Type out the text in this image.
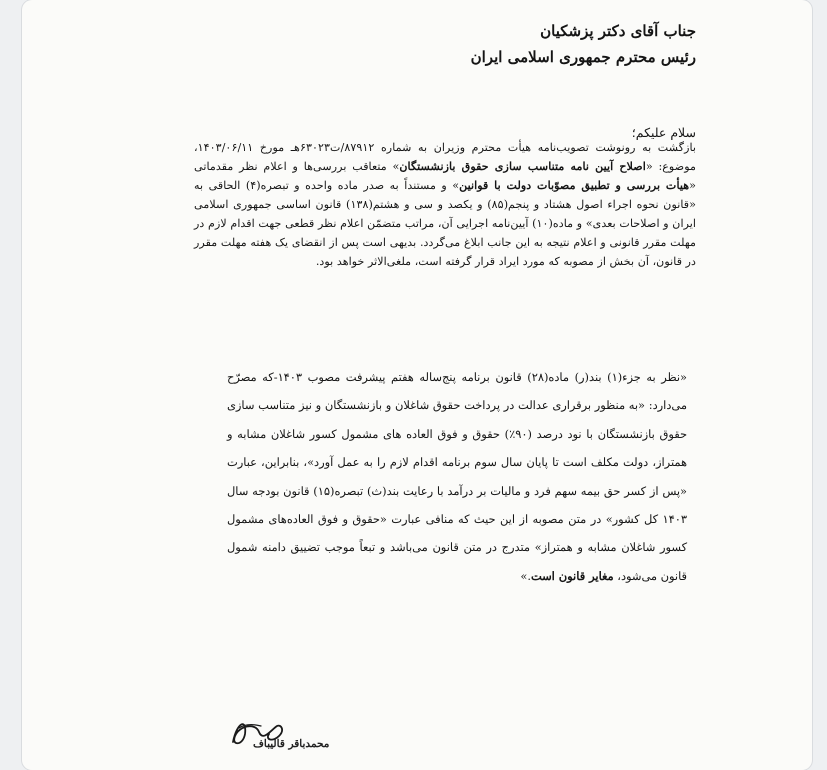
جناب آقای دکتر پزشکیان
رئیس محترم جمهوری اسلامی ایران
سلام علیکم؛
بازگشت به رونوشت تصویب‌نامه هیأت محترم وزیران به شماره ۸۷۹۱۲/ت۶۳۰۲۳هـ مورخ ۱۴۰۳/۰۶/۱۱، موضوع: «اصلاح آیین نامه متناسب سازی حقوق بازنشستگان» متعاقب بررسی‌ها و اعلام نظر مقدماتی «هیأت بررسی و تطبیق مصوّبات دولت با قوانین» و مستنداً به صدر ماده واحده و تبصره(۴) الحاقی به «قانون نحوه اجراء اصول هشتاد و پنجم(۸۵) و یکصد و سی و هشتم(۱۳۸) قانون اساسی جمهوری اسلامی ایران و اصلاحات بعدی» و ماده(۱۰) آیین‌نامه اجرایی آن، مراتب متضمّن اعلام نظر قطعی جهت اقدام لازم در مهلت مقرر قانونی و اعلام نتیجه به این جانب ابلاغ می‌گردد. بدیهی است پس از انقضای یک هفته مهلت مقرر در قانون، آن بخش از مصوبه که مورد ایراد قرار گرفته است، ملغی‌الاثر خواهد بود.
«نظر به جزء(۱) بند(ر) ماده(۲۸) قانون برنامه پنج‌ساله هفتم پیشرفت مصوب ۱۴۰۳-که مصرّح می‌دارد: «به منظور برقراری عدالت در پرداخت حقوق شاغلان و بازنشستگان و نیز متناسب سازی حقوق بازنشستگان با نود درصد (۹۰٪) حقوق و فوق العاده های مشمول کسور شاغلان مشابه و همتراز، دولت مکلف است تا پایان سال سوم برنامه اقدام لازم را به عمل آورد»، بنابراین، عبارت «پس از کسر حق بیمه سهم فرد و مالیات بر درآمد با رعایت بند(ث) تبصره(۱۵) قانون بودجه سال ۱۴۰۳ کل کشور» در متن مصوبه از این حیث که منافی عبارت «حقوق و فوق العاده‌های مشمول کسور شاغلان مشابه و همتراز» متدرج در متن قانون می‌باشد و تبعاً موجب تضییق دامنه شمول قانون می‌شود، مغایر قانون است.»
محمدباقر قالیباف
